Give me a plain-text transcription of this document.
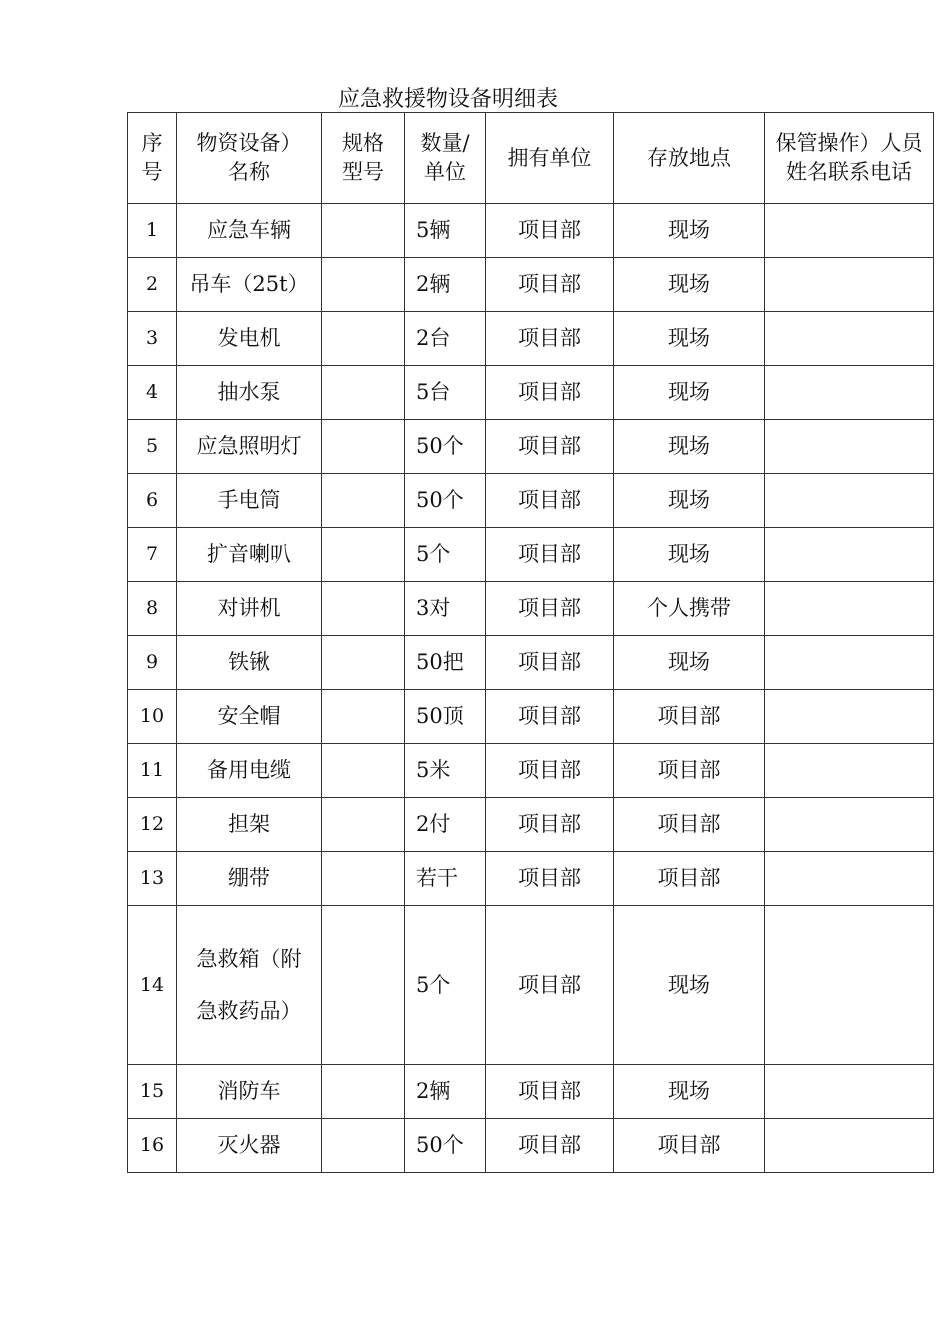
应急救援物设备明细表
序号	物资设备）名称	规格型号	数量/单位	拥有单位	存放地点	保管操作）人员姓名联系电话

1	应急车辆		5辆	项目部	现场	
2	吊车（25t）		2辆	项目部	现场	
3	发电机		2台	项目部	现场	
4	抽水泵		5台	项目部	现场	
5	应急照明灯		50个	项目部	现场	
6	手电筒		50个	项目部	现场	
7	扩音喇叭		5个	项目部	现场	
8	对讲机		3对	项目部	个人携带	
9	铁锹		50把	项目部	现场	
10	安全帽		50顶	项目部	项目部	
11	备用电缆		5米	项目部	项目部	
12	担架		2付	项目部	项目部	
13	绷带		若干	项目部	项目部	
14	急救箱（附急救药品）		5个	项目部	现场	
15	消防车		2辆	项目部	现场	
16	灭火器		50个	项目部	项目部	
